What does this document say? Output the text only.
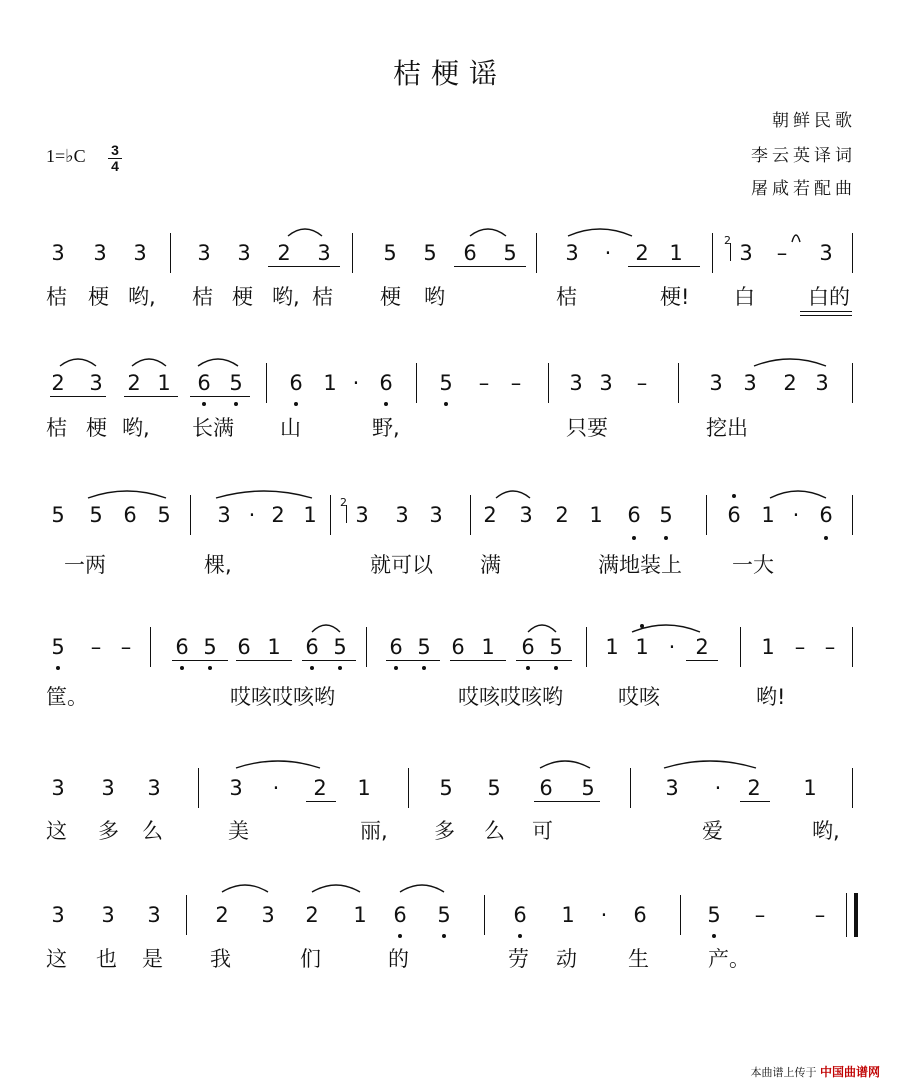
桔梗谣
朝鲜民歌
李云英译词
屠咸若配曲
1=♭C 3
4
3 3 3 3 3 2 3	5 5 6 5 3 · 2 1	3
2
– 3
桔 梗 哟, 桔 梗 哟, 桔 梗 哟	桔	梗! 白	白的
2 3 2 1 6 5 6 1 · 6 5 – – 3 3 –	3 3 2 3
桔 梗 哟, 长满 山	野,	只要	挖出
5 5 6 5 3 · 2 1 3
2
3 3 2 3 2 1 6 5	6 1 · 6
一两	棵,	就可以 满	满地装上 一大
5 – – 6 5 6 1 6 5 6 5 6 1 6 5 1 1 · 2	1 – –
筐。	哎咳哎咳哟	哎咳哎咳哟	哎咳	哟!
3 3 3	3 · 2 1	5 5 6 5	3 · 2 1
这 多 么	美	丽, 多 么 可	爱	哟,
3 3 3	2 3 2 1 6 5	6 1 · 6	5 – –
这 也 是 我	们	的	劳 动 生	产。
本曲谱上传于 中国曲谱网
